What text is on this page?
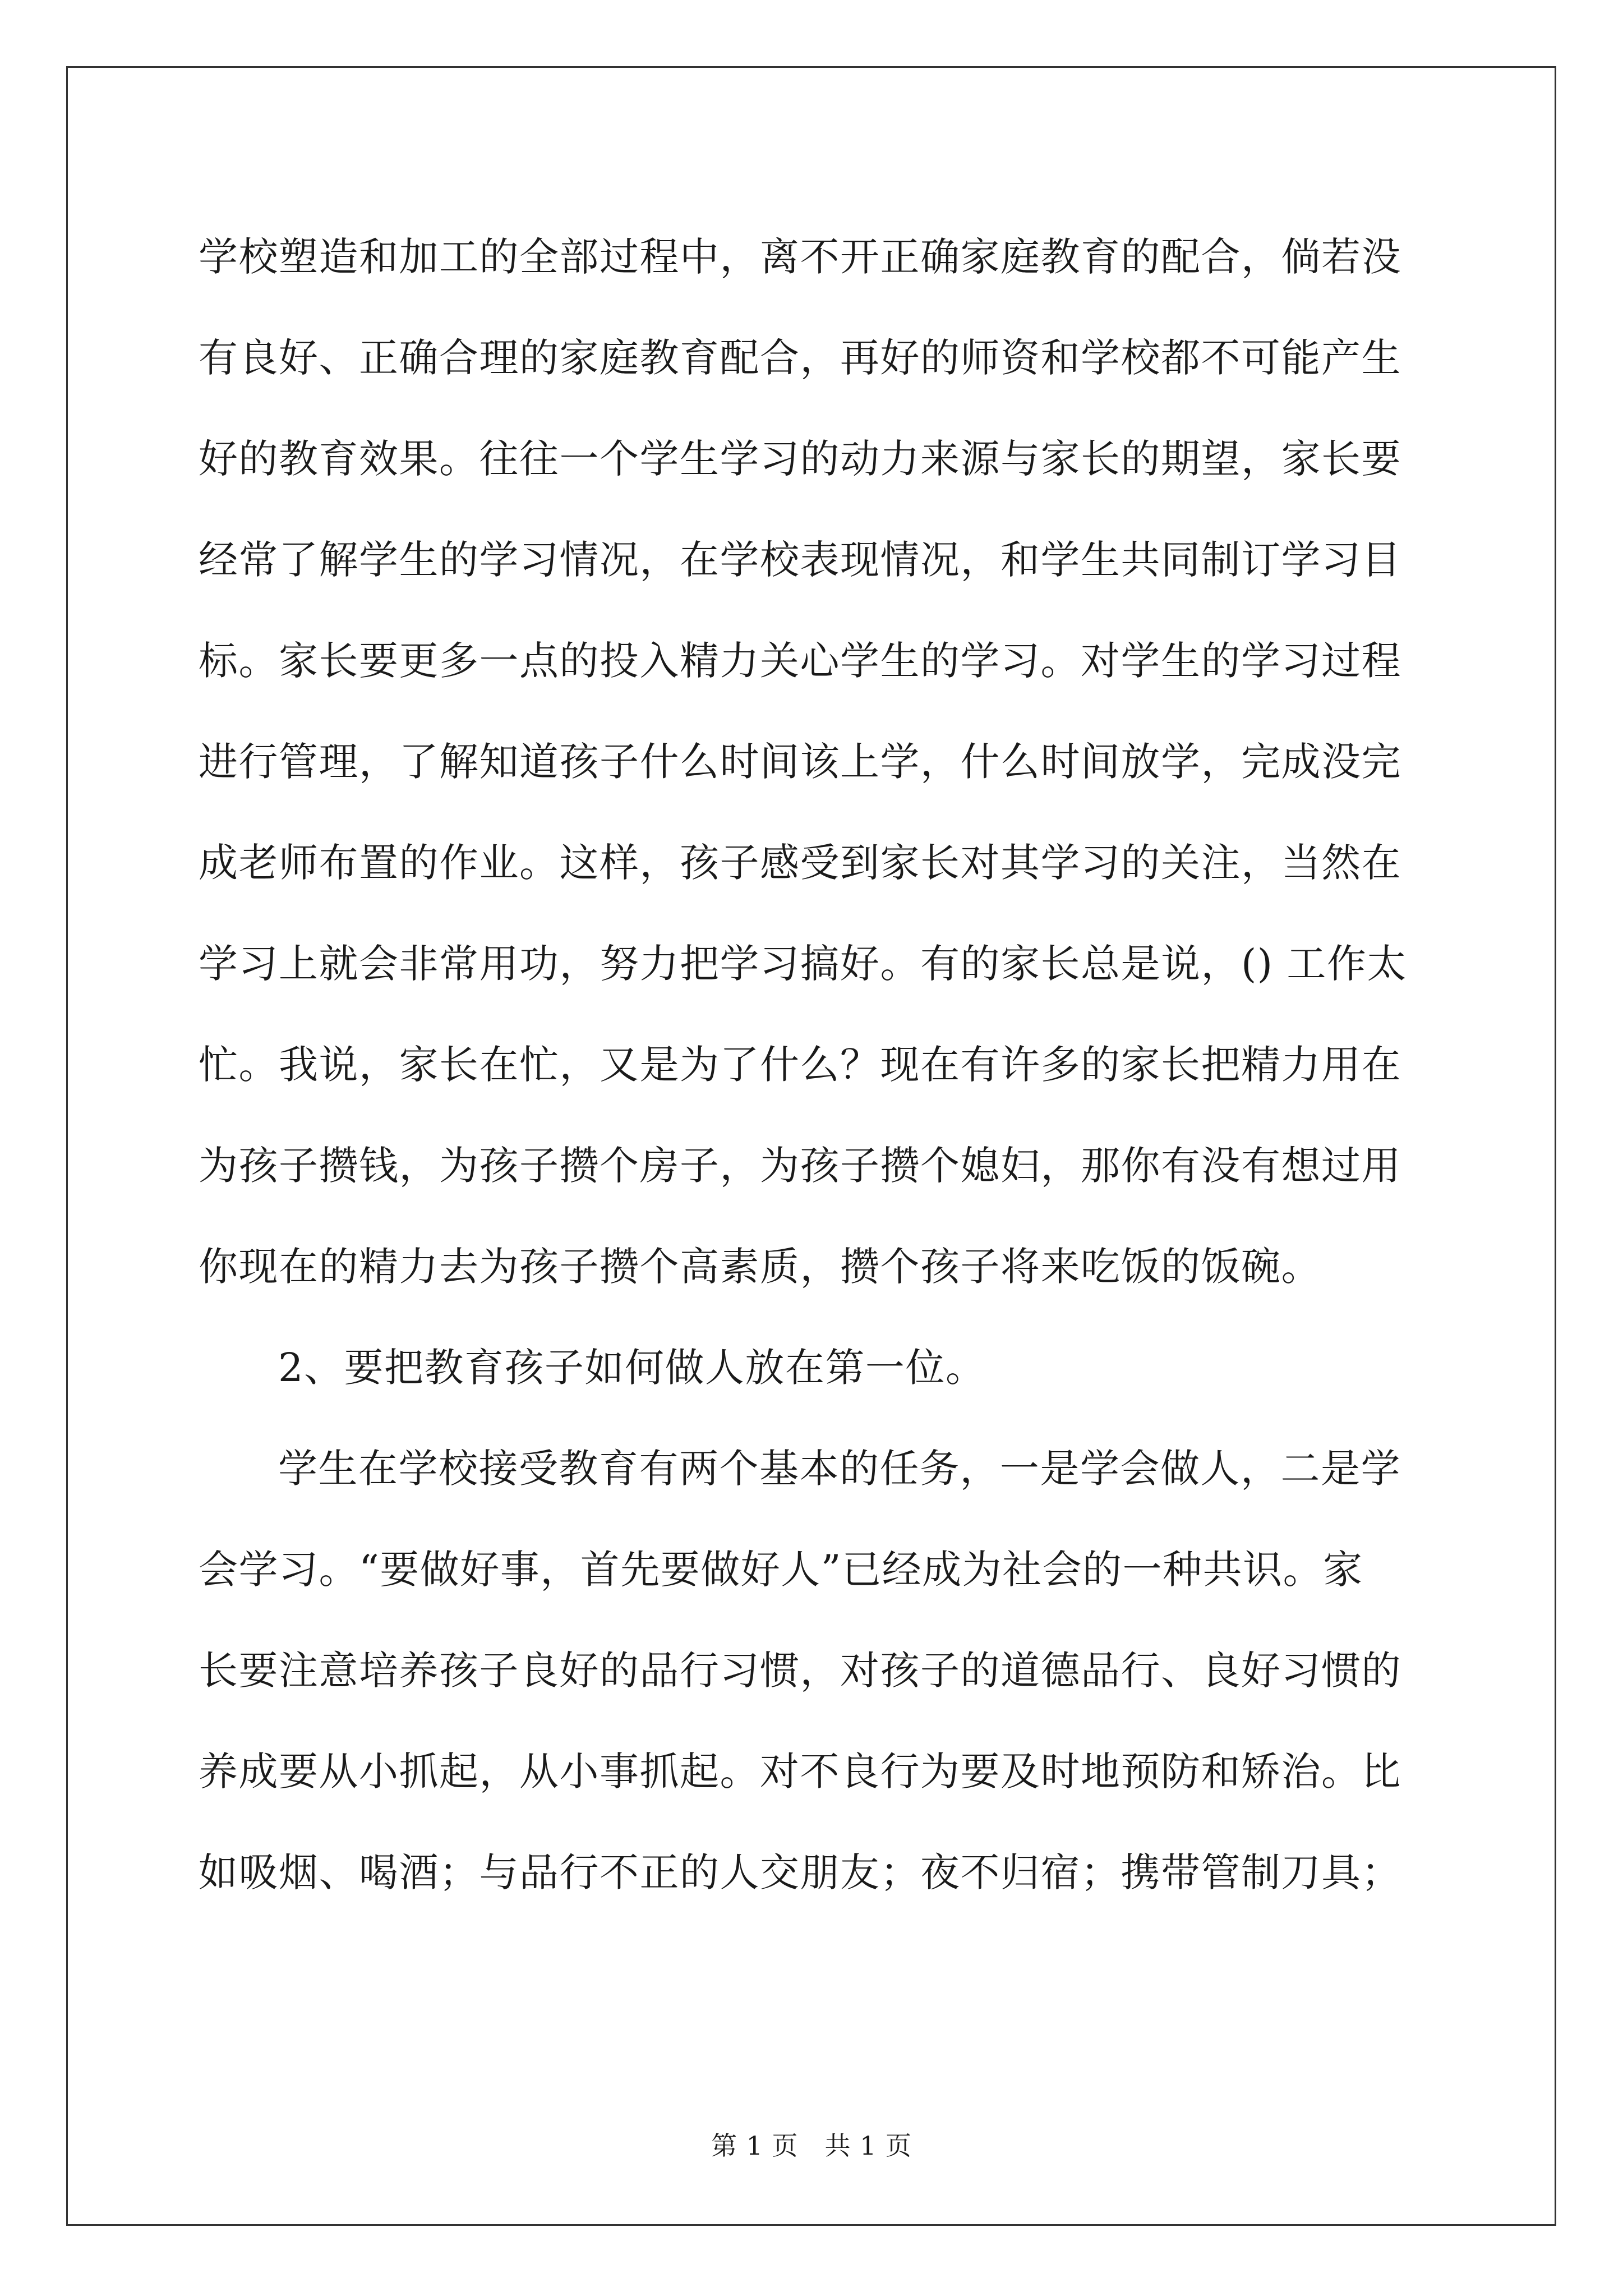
学校塑造和加工的全部过程中，离不开正确家庭教育的配合，倘若没
有良好、正确合理的家庭教育配合，再好的师资和学校都不可能产生
好的教育效果。往往一个学生学习的动力来源与家长的期望，家长要
经常了解学生的学习情况，在学校表现情况，和学生共同制订学习目
标。家长要更多一点的投入精力关心学生的学习。对学生的学习过程
进行管理，了解知道孩子什么时间该上学，什么时间放学，完成没完
成老师布置的作业。这样，孩子感受到家长对其学习的关注，当然在
学习上就会非常用功，努力把学习搞好。有的家长总是说，() 工作太
忙。我说，家长在忙，又是为了什么？现在有许多的家长把精力用在
为孩子攒钱，为孩子攒个房子，为孩子攒个媳妇，那你有没有想过用
你现在的精力去为孩子攒个高素质，攒个孩子将来吃饭的饭碗。
2、要把教育孩子如何做人放在第一位。
学生在学校接受教育有两个基本的任务，一是学会做人，二是学
会学习。“要做好事，首先要做好人”已经成为社会的一种共识。家
长要注意培养孩子良好的品行习惯，对孩子的道德品行、良好习惯的
养成要从小抓起，从小事抓起。对不良行为要及时地预防和矫治。比
如吸烟、喝酒；与品行不正的人交朋友；夜不归宿；携带管制刀具；
第 1 页　共 1 页
